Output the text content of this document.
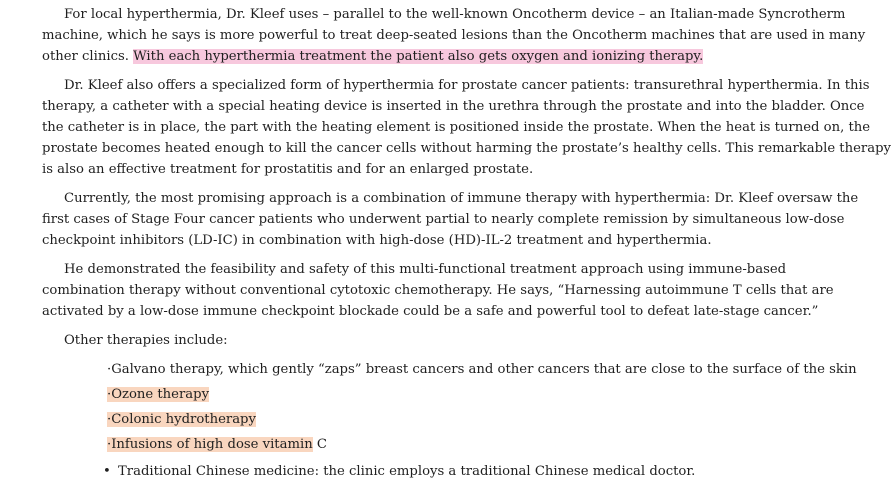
For local hyperthermia, Dr. Kleef uses – parallel to the well-known Oncotherm device – an Italian-made Syncrotherm
machine, which he says is more powerful to treat deep-seated lesions than the Oncotherm machines that are used in many
other clinics. With each hyperthermia treatment the patient also gets oxygen and ionizing therapy.
Dr. Kleef also offers a specialized form of hyperthermia for prostate cancer patients: transurethral hyperthermia. In this
therapy, a catheter with a special heating device is inserted in the urethra through the prostate and into the bladder. Once
the catheter is in place, the part with the heating element is positioned inside the prostate. When the heat is turned on, the
prostate becomes heated enough to kill the cancer cells without harming the prostate’s healthy cells. This remarkable therapy
is also an effective treatment for prostatitis and for an enlarged prostate.
Currently, the most promising approach is a combination of immune therapy with hyperthermia: Dr. Kleef oversaw the
first cases of Stage Four cancer patients who underwent partial to nearly complete remission by simultaneous low-dose
checkpoint inhibitors (LD-IC) in combination with high-dose (HD)-IL-2 treatment and hyperthermia.
He demonstrated the feasibility and safety of this multi-functional treatment approach using immune-based
combination therapy without conventional cytotoxic chemotherapy. He says, “Harnessing autoimmune T cells that are
activated by a low-dose immune checkpoint blockade could be a safe and powerful tool to defeat late-stage cancer.”

Other therapies include:

·Galvano therapy, which gently “zaps” breast cancers and other cancers that are close to the surface of the skin

·Ozone therapy

·Colonic hydrotherapy

·Infusions of high dose vitamin C

• Traditional Chinese medicine: the clinic employs a traditional Chinese medical doctor.
